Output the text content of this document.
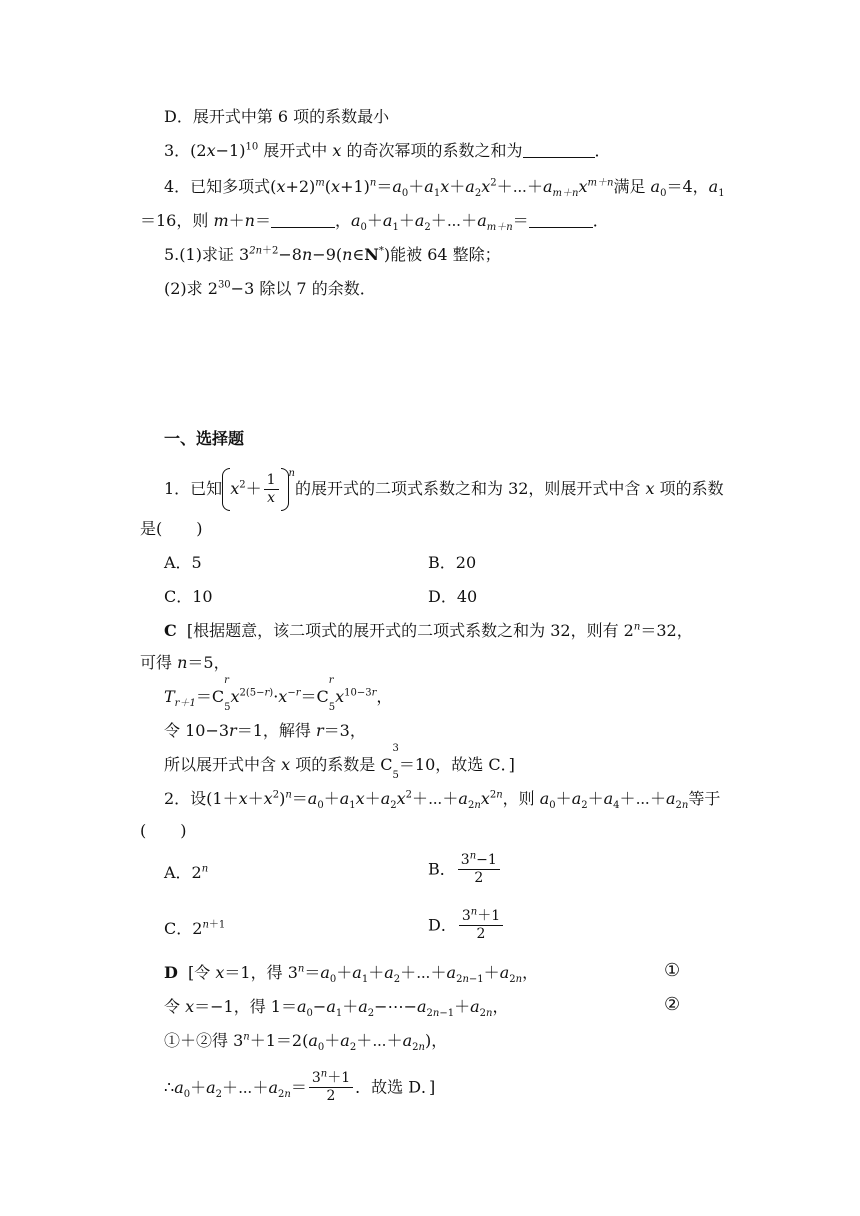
D．展开式中第 6 项的系数最小
3．$(2x-1)^{10}$ 展开式中 x 的奇次幂项的系数之和为	．
4．已知多项式$(x+2)^m(x+1)^n=a_0+a_1x+a_2x^2+\cdots+a_{m+n}x^{m+n}$满足 $a_0=4$，$a_1$
＝16，则 m＋n＝	，$a_0+a_1+a_2+\cdots+a_{m+n}=$	．
5.(1)求证 $3^{2n+2}-8n-9(n\in N^*)$能被 64 整除；
(2)求 $2^{30}-3$ 除以 7 的余数．
一、选择题
1．已知 $x^2+ \frac{1}{x} ^n$的展开式的二项式系数之和为 32，则展开式中含 x 项的系数
是( )
A．5	B．20
C．10	D．40
C [根据题意，该二项式的展开式的二项式系数之和为 32，则有 $2^n=32$，
可得 n＝5，
$T_{r+1}=C$
r
$_5x^{2(5-r)}\cdot x^{-r}=C$
r
$_5x^{10-3r}$，
令 10−3r＝1，解得 r＝3，
所以展开式中含 x 项的系数是 C
3
$_5$＝10，故选 C．]
2．设$(1+x+x^2)^n=a_0+a_1x+a_2x^2+\cdots+a_{2n}x^{2n}$，则 $a_0+a_2+a_4+\cdots+a_{2n}$等于
( )
A．2$^n$	B． $\frac{3^n-1}{2}$
C．$2^{n+1}$	D． $\frac{3^n+1}{2}$
D [令 x＝1，得 $3^n=a_0+a_1+a_2+\cdots+a_{2n-1}+a_{2n}$，	①
令 x＝−1，得 $1=a_0-a_1+a_2-\cdots-a_{2n-1}+a_{2n}$，	②
①＋②得 $3^n+1=2(a_0+a_2+\cdots+a_{2n})$，
$\therefore a_0+a_2+\cdots+a_{2n}= \frac{3^n+1}{2}$ ．故选 D．]
